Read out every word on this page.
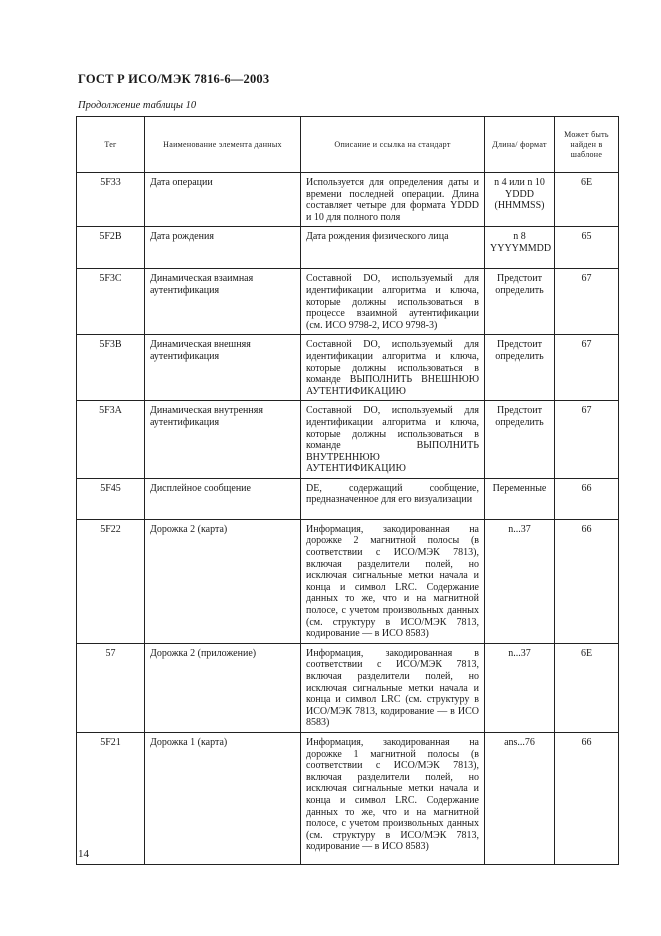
ГОСТ Р ИСО/МЭК 7816-6—2003
Продолжение таблицы 10
Тег	Наименование элемента данных	Описание и ссылка на стандарт	Длина/ формат	Может быть найден в шаблоне
5F33	Дата операции	Используется для определения даты и времени последней операции. Длина составляет четыре для формата YDDD и 10 для полного поля	n 4 или n 10 YDDD (HHMMSS)	6E
5F2B	Дата рождения	Дата рождения физического лица	n 8 YYYYMMDD	65
5F3C	Динамическая взаимная аутентификация	Составной DO, используемый для идентификации алгоритма и ключа, которые должны использоваться в процессе взаимной аутентификации (см. ИСО 9798-2, ИСО 9798-3)	Предстоит определить	67
5F3B	Динамическая внешняя аутентификация	Составной DO, используемый для идентификации алгоритма и ключа, которые должны использоваться в команде ВЫПОЛНИТЬ ВНЕШНЮЮ АУТЕНТИФИКАЦИЮ	Предстоит определить	67
5F3A	Динамическая внутренняя аутентификация	Составной DO, используемый для идентификации алгоритма и ключа, которые должны использоваться в команде ВЫПОЛНИТЬ ВНУТРЕННЮЮ АУТЕНТИФИКАЦИЮ	Предстоит определить	67
5F45	Дисплейное сообщение	DE, содержащий сообщение, предназначенное для его визуализации	Переменные	66
5F22	Дорожка 2 (карта)	Информация, закодированная на дорожке 2 магнитной полосы (в соответствии с ИСО/МЭК 7813), включая разделители полей, но исключая сигнальные метки начала и конца и символ LRC. Содержание данных то же, что и на магнитной полосе, с учетом произвольных данных (см. структуру в ИСО/МЭК 7813, кодирование — в ИСО 8583)	n...37	66
57	Дорожка 2 (приложение)	Информация, закодированная в соответствии с ИСО/МЭК 7813, включая разделители полей, но исключая сигнальные метки начала и конца и символ LRC (см. структуру в ИСО/МЭК 7813, кодирование — в ИСО 8583)	n...37	6E
5F21	Дорожка 1 (карта)	Информация, закодированная на дорожке 1 магнитной полосы (в соответствии с ИСО/МЭК 7813), включая разделители полей, но исключая сигнальные метки начала и конца и символ LRC. Содержание данных то же, что и на магнитной полосе, с учетом произвольных данных (см. структуру в ИСО/МЭК 7813, кодирование — в ИСО 8583)	ans...76	66
14
